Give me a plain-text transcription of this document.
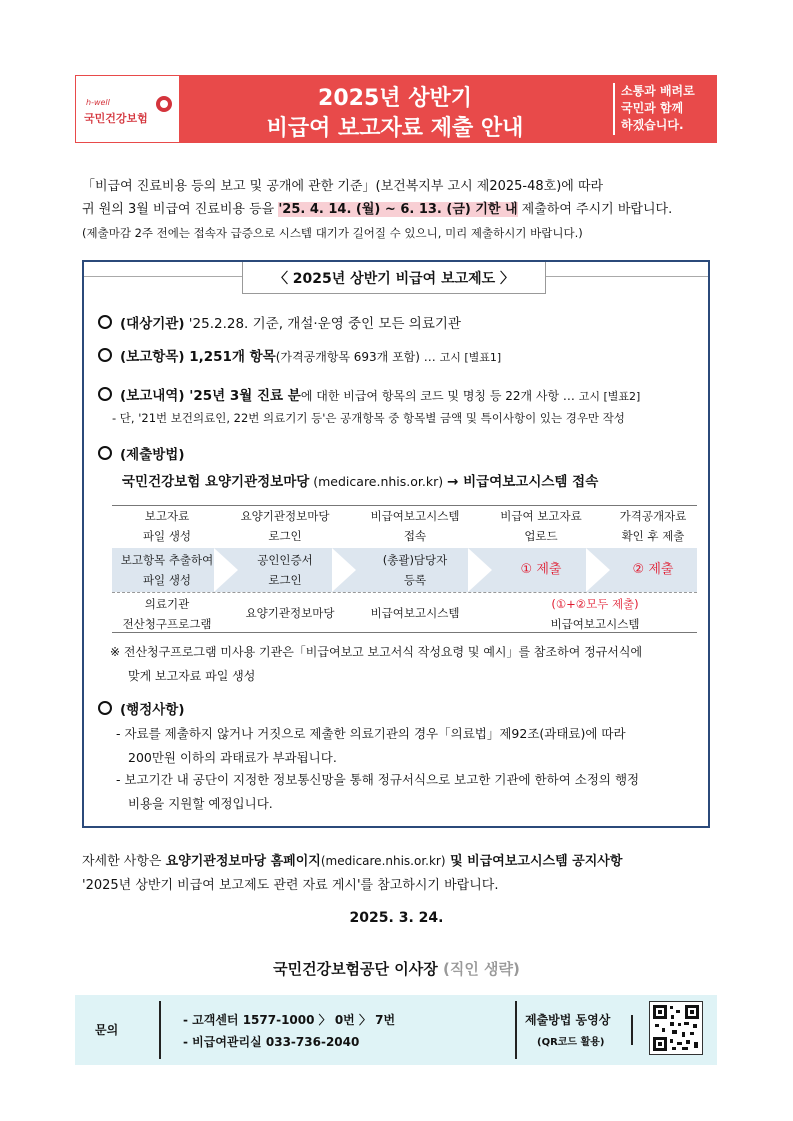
h-well
국민건강보험
2025년 상반기
비급여 보고자료 제출 안내
소통과 배려로
국민과 함께
하겠습니다.
「비급여 진료비용 등의 보고 및 공개에 관한 기준」(보건복지부 고시 제2025-48호)에 따라
귀 원의 3월 비급여 진료비용 등을 '25. 4. 14. (월) ~ 6. 13. (금) 기한 내 제출하여 주시기 바랍니다.
(제출마감 2주 전에는 접속자 급증으로 시스템 대기가 길어질 수 있으니, 미리 제출하시기 바랍니다.)
〈 2025년 상반기 비급여 보고제도 〉
(대상기관) '25.2.28. 기준, 개설·운영 중인 모든 의료기관
(보고항목) 1,251개 항목(가격공개항목 693개 포함) … 고시 [별표1]
(보고내역) '25년 3월 진료 분에 대한 비급여 항목의 코드 및 명칭 등 22개 사항 … 고시 [별표2]
- 단, '21번 보건의료인, 22번 의료기기 등'은 공개항목 중 항목별 금액 및 특이사항이 있는 경우만 작성
(제출방법)
국민건강보험 요양기관정보마당 (medicare.nhis.or.kr) → 비급여보고시스템 접속
보고자료
파일 생성
요양기관정보마당
로그인
비급여보고시스템
접속
비급여 보고자료
업로드
가격공개자료
확인 후 제출
보고항목 추출하여
파일 생성
공인인증서
로그인
(총괄)담당자
등록
① 제출	② 제출
의료기관
전산청구프로그램
요양기관정보마당	비급여보고시스템
(①+②모두 제출)
비급여보고시스템
※ 전산청구프로그램 미사용 기관은「비급여보고 보고서식 작성요령 및 예시」를 참조하여 정규서식에
맞게 보고자료 파일 생성
(행정사항)
- 자료를 제출하지 않거나 거짓으로 제출한 의료기관의 경우「의료법」제92조(과태료)에 따라
200만원 이하의 과태료가 부과됩니다.
- 보고기간 내 공단이 지정한 정보통신망을 통해 정규서식으로 보고한 기관에 한하여 소정의 행정
비용을 지원할 예정입니다.
자세한 사항은 요양기관정보마당 홈페이지(medicare.nhis.or.kr) 및 비급여보고시스템 공지사항
'2025년 상반기 비급여 보고제도 관련 자료 게시'를 참고하시기 바랍니다.
2025. 3. 24.
국민건강보험공단 이사장 (직인 생략)
문의
- 고객센터 1577-1000 〉 0번 〉 7번
- 비급여관리실 033-736-2040
제출방법 동영상
(QR코드 활용)
